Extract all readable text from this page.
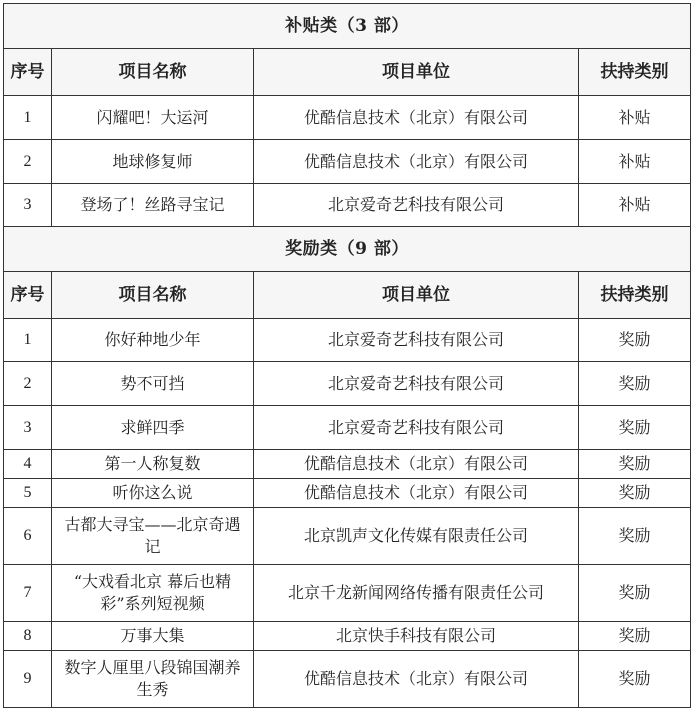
补贴类（3 部）			
序号	项目名称	项目单位	扶持类别
1	闪耀吧！大运河	优酷信息技术（北京）有限公司	补贴
2	地球修复师	优酷信息技术（北京）有限公司	补贴
3	登场了！丝路寻宝记	北京爱奇艺科技有限公司	补贴
奖励类（9 部）			
序号	项目名称	项目单位	扶持类别
1	你好种地少年	北京爱奇艺科技有限公司	奖励
2	势不可挡	北京爱奇艺科技有限公司	奖励
3	求鲜四季	北京爱奇艺科技有限公司	奖励
4	第一人称复数	优酷信息技术（北京）有限公司	奖励
5	听你这么说	优酷信息技术（北京）有限公司	奖励
6	古都大寻宝——北京奇遇记	北京凯声文化传媒有限责任公司	奖励
7	“大戏看北京 幕后也精彩”系列短视频	北京千龙新闻网络传播有限责任公司	奖励
8	万事大集	北京快手科技有限公司	奖励
9	数字人厘里八段锦国潮养生秀	优酷信息技术（北京）有限公司	奖励
